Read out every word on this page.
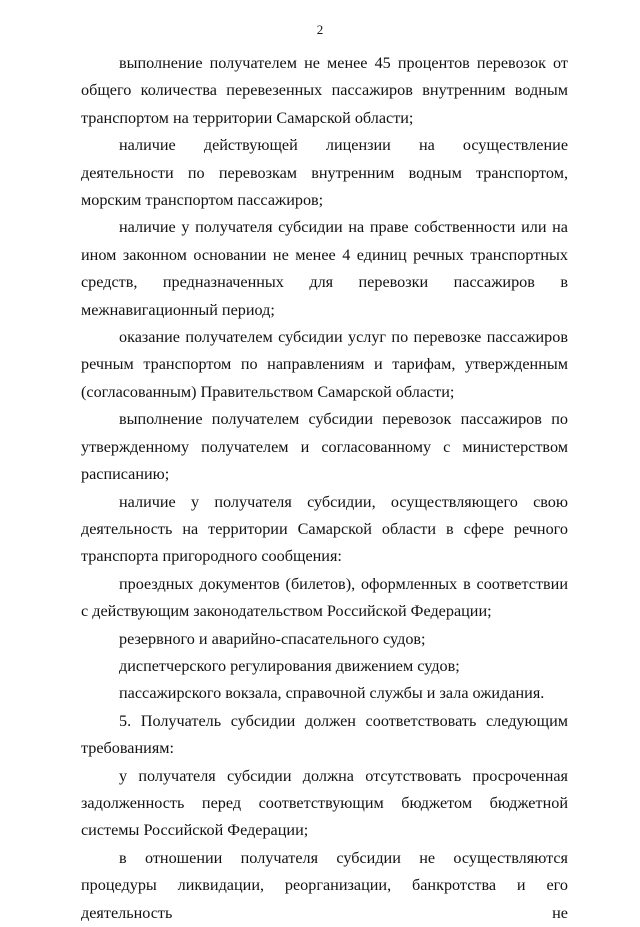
2

выполнение получателем не менее 45 процентов перевозок от общего количества перевезенных пассажиров внутренним водным транспортом на территории Самарской области;

наличие действующей лицензии на осуществление деятельности по перевозкам внутренним водным транспортом, морским транспортом пассажиров;

наличие у получателя субсидии на праве собственности или на ином законном основании не менее 4 единиц речных транспортных средств, предназначенных для перевозки пассажиров в межнавигационный период;

оказание получателем субсидии услуг по перевозке пассажиров речным транспортом по направлениям и тарифам, утвержденным (согласованным) Правительством Самарской области;

выполнение получателем субсидии перевозок пассажиров по утвержденному получателем и согласованному с министерством расписанию;

наличие у получателя субсидии, осуществляющего свою деятельность на территории Самарской области в сфере речного транспорта пригородного сообщения:

проездных документов (билетов), оформленных в соответствии с действующим законодательством Российской Федерации;

резервного и аварийно-спасательного судов;

диспетчерского регулирования движением судов;

пассажирского вокзала, справочной службы и зала ожидания.

5. Получатель субсидии должен соответствовать следующим требованиям:

у получателя субсидии должна отсутствовать просроченная задолженность перед соответствующим бюджетом бюджетной системы Российской Федерации;

в отношении получателя субсидии не осуществляются процедуры ликвидации, реорганизации, банкротства и его деятельность не
